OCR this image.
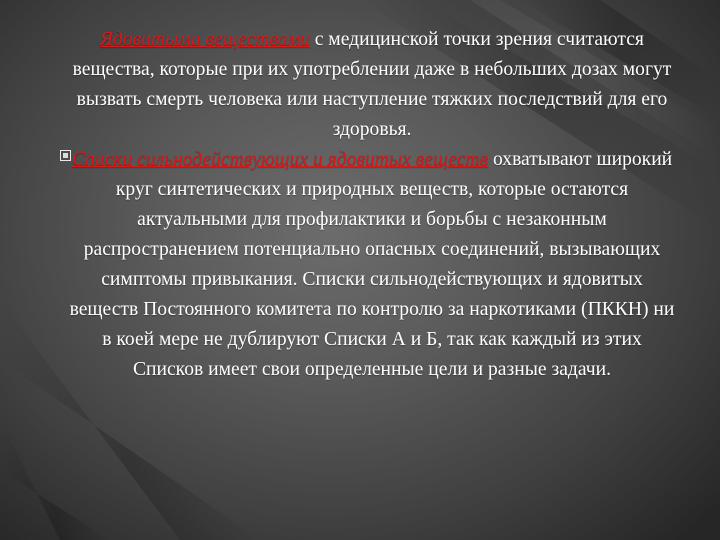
Ядовитыми веществами с медицинской точки зрения считаются вещества, которые при их употреблении даже в небольших дозах могут вызвать смерть человека или наступление тяжких последствий для его здоровья.

Списки сильнодействующих и ядовитых веществ охватывают широкий круг синтетических и природных веществ, которые остаются актуальными для профилактики и борьбы с незаконным распространением потенциально опасных соединений, вызывающих симптомы привыкания. Списки сильнодействующих и ядовитых веществ Постоянного комитета по контролю за наркотиками (ПККН) ни в коей мере не дублируют Списки А и Б, так как каждый из этих Списков имеет свои определенные цели и разные задачи.
